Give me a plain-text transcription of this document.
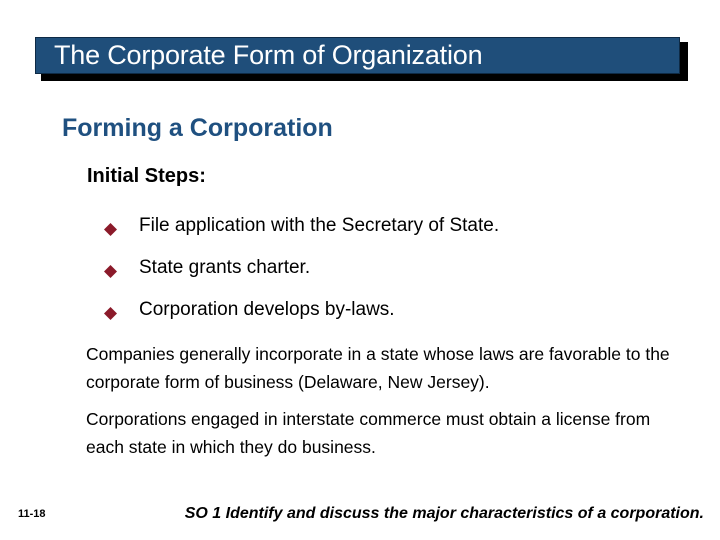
The Corporate Form of Organization
Forming a Corporation
Initial Steps:
File application with the Secretary of State.
State grants charter.
Corporation develops by-laws.
Companies generally incorporate in a state whose laws are favorable to the corporate form of business (Delaware, New Jersey).
Corporations engaged in interstate commerce must obtain a license from each state in which they do business.
11-18	SO 1 Identify and discuss the major characteristics of a corporation.
